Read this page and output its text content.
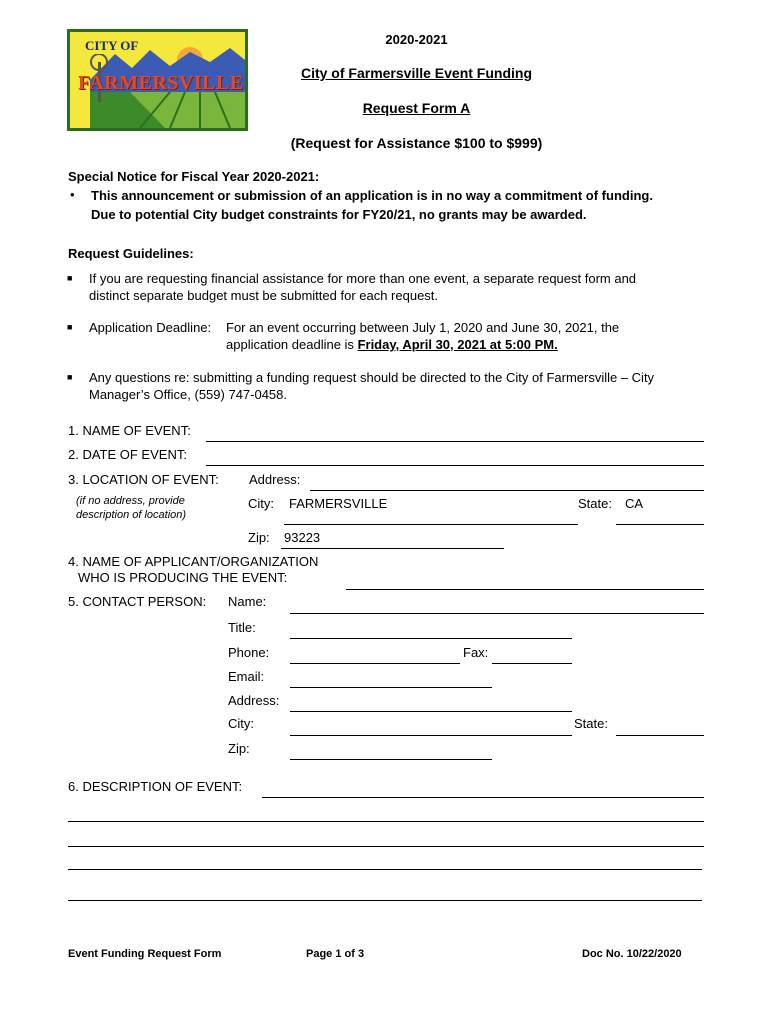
CITY OF
FARMERSVILLE
2020-2021
City of Farmersville Event Funding
Request Form A
(Request for Assistance $100 to $999)
Special Notice for Fiscal Year 2020-2021:
• This announcement or submission of an application is in no way a commitment of funding.
Due to potential City budget constraints for FY20/21, no grants may be awarded.
Request Guidelines:
■ If you are requesting financial assistance for more than one event, a separate request form and
distinct separate budget must be submitted for each request.
■ Application Deadline: For an event occurring between July 1, 2020 and June 30, 2021, the
application deadline is Friday, April 30, 2021 at 5:00 PM.
■ Any questions re: submitting a funding request should be directed to the City of Farmersville – City
Manager’s Office, (559) 747-0458.
1. NAME OF EVENT:
2. DATE OF EVENT:
3. LOCATION OF EVENT: Address:
(if no address, provide
description of location)
City: FARMERSVILLE	State: CA
Zip: 93223
4. NAME OF APPLICANT/ORGANIZATION
WHO IS PRODUCING THE EVENT:
5. CONTACT PERSON: Name:
Title:
Phone:	Fax:
Email:
Address:
City:	State:
Zip:
6. DESCRIPTION OF EVENT:
Event Funding Request Form	Page 1 of 3	Doc No. 10/22/2020
